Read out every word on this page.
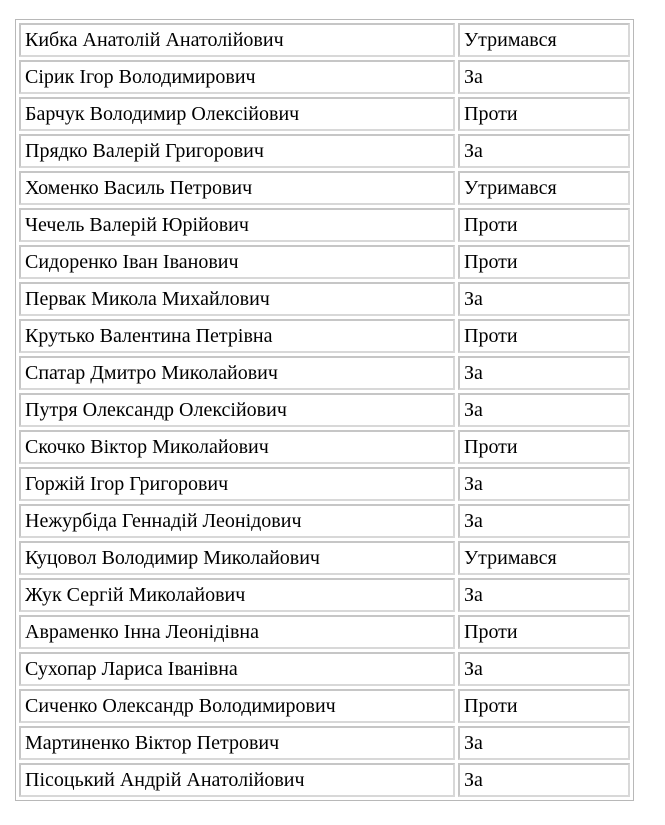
Кибка Анатолій Анатолійович	Утримався
Сірик Ігор Володимирович	За
Барчук Володимир Олексійович	Проти
Прядко Валерій Григорович	За
Хоменко Василь Петрович	Утримався
Чечель Валерій Юрійович	Проти
Сидоренко Іван Іванович	Проти
Первак Микола Михайлович	За
Крутько Валентина Петрівна	Проти
Спатар Дмитро Миколайович	За
Путря Олександр Олексійович	За
Скочко Віктор Миколайович	Проти
Горжій Ігор Григорович	За
Нежурбіда Геннадій Леонідович	За
Куцовол Володимир Миколайович	Утримався
Жук Сергій Миколайович	За
Авраменко Інна Леонідівна	Проти
Сухопар Лариса Іванівна	За
Сиченко Олександр Володимирович	Проти
Мартиненко Віктор Петрович	За
Пісоцький Андрій Анатолійович	За
